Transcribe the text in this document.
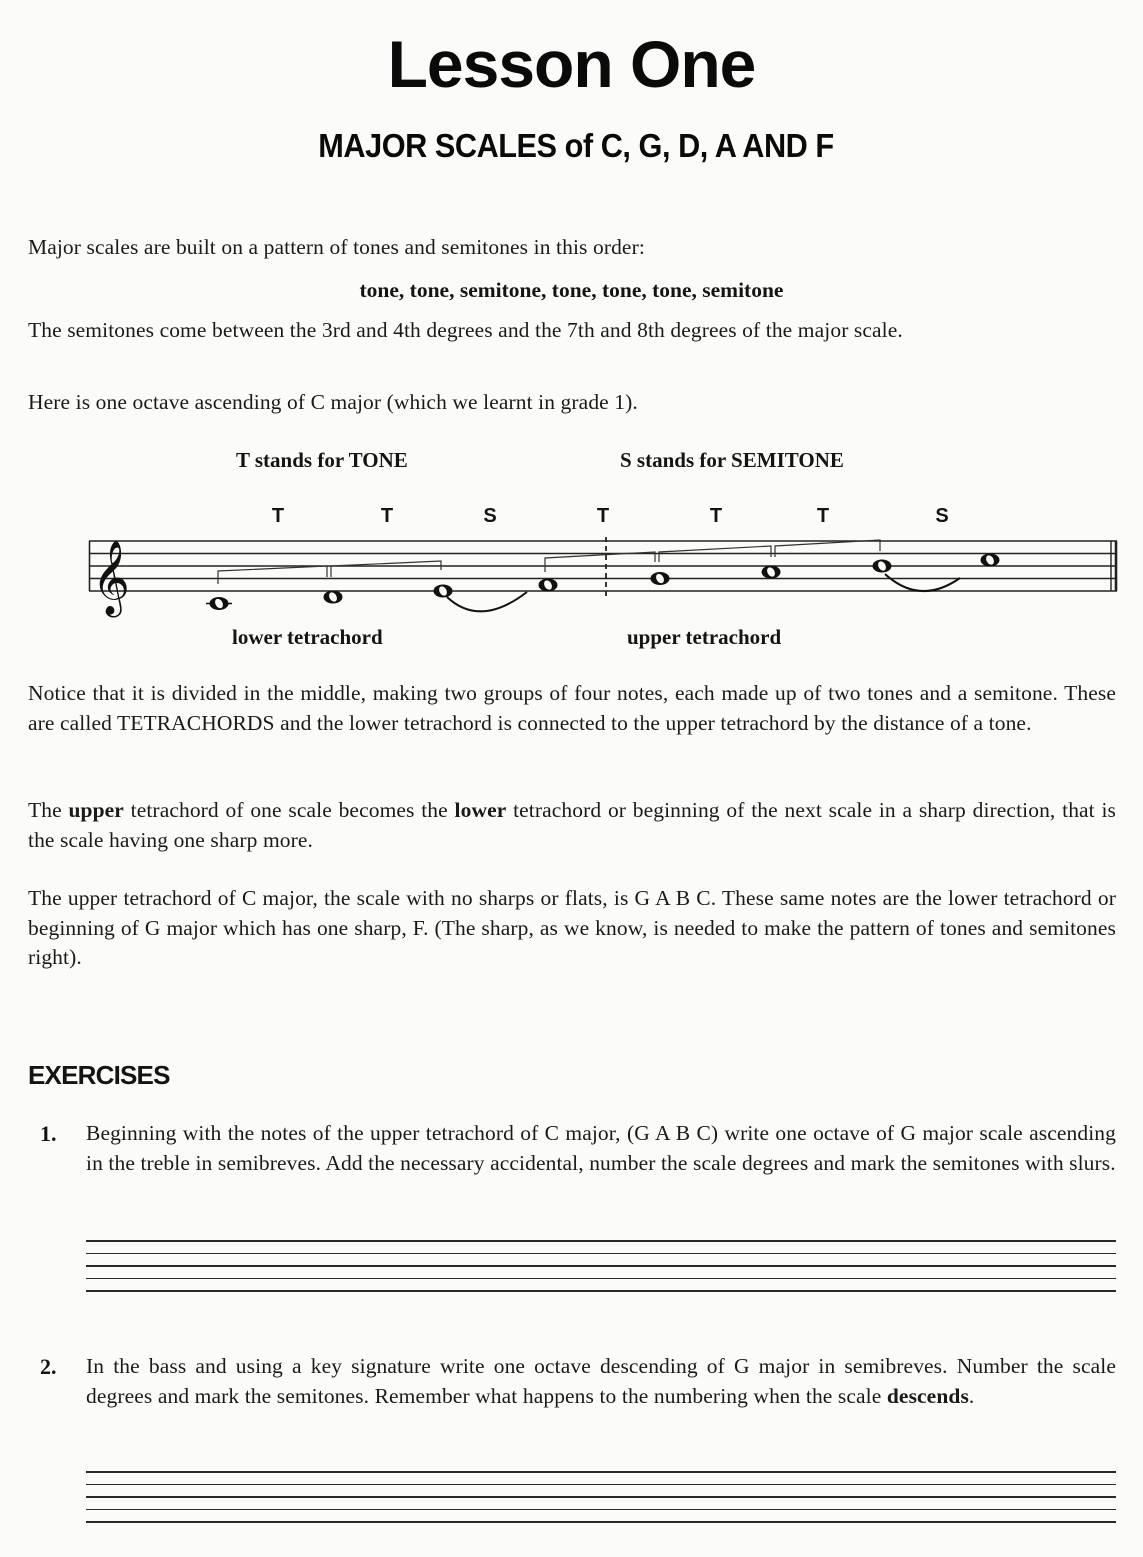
Lesson One
MAJOR SCALES of C, G, D, A AND F
Major scales are built on a pattern of tones and semitones in this order:
tone, tone, semitone, tone, tone, tone, semitone
The semitones come between the 3rd and 4th degrees and the 7th and 8th degrees of the major scale.
Here is one octave ascending of C major (which we learnt in grade 1).
T stands for TONE	S stands for SEMITONE
T	T	S	T	T	T	S
𝄞
lower tetrachord	upper tetrachord
Notice that it is divided in the middle, making two groups of four notes, each made up of two tones and a semitone. These are called TETRACHORDS and the lower tetrachord is connected to the upper tetrachord by the distance of a tone.
The upper tetrachord of one scale becomes the lower tetrachord or beginning of the next scale in a sharp direction, that is the scale having one sharp more.
The upper tetrachord of C major, the scale with no sharps or flats, is G A B C. These same notes are the lower tetrachord or beginning of G major which has one sharp, F. (The sharp, as we know, is needed to make the pattern of tones and semitones right).
EXERCISES
1. Beginning with the notes of the upper tetrachord of C major, (G A B C) write one octave of G major scale ascending in the treble in semibreves. Add the necessary accidental, number the scale degrees and mark the semitones with slurs.
2. In the bass and using a key signature write one octave descending of G major in semibreves. Number the scale degrees and mark the semitones. Remember what happens to the numbering when the scale descends.
